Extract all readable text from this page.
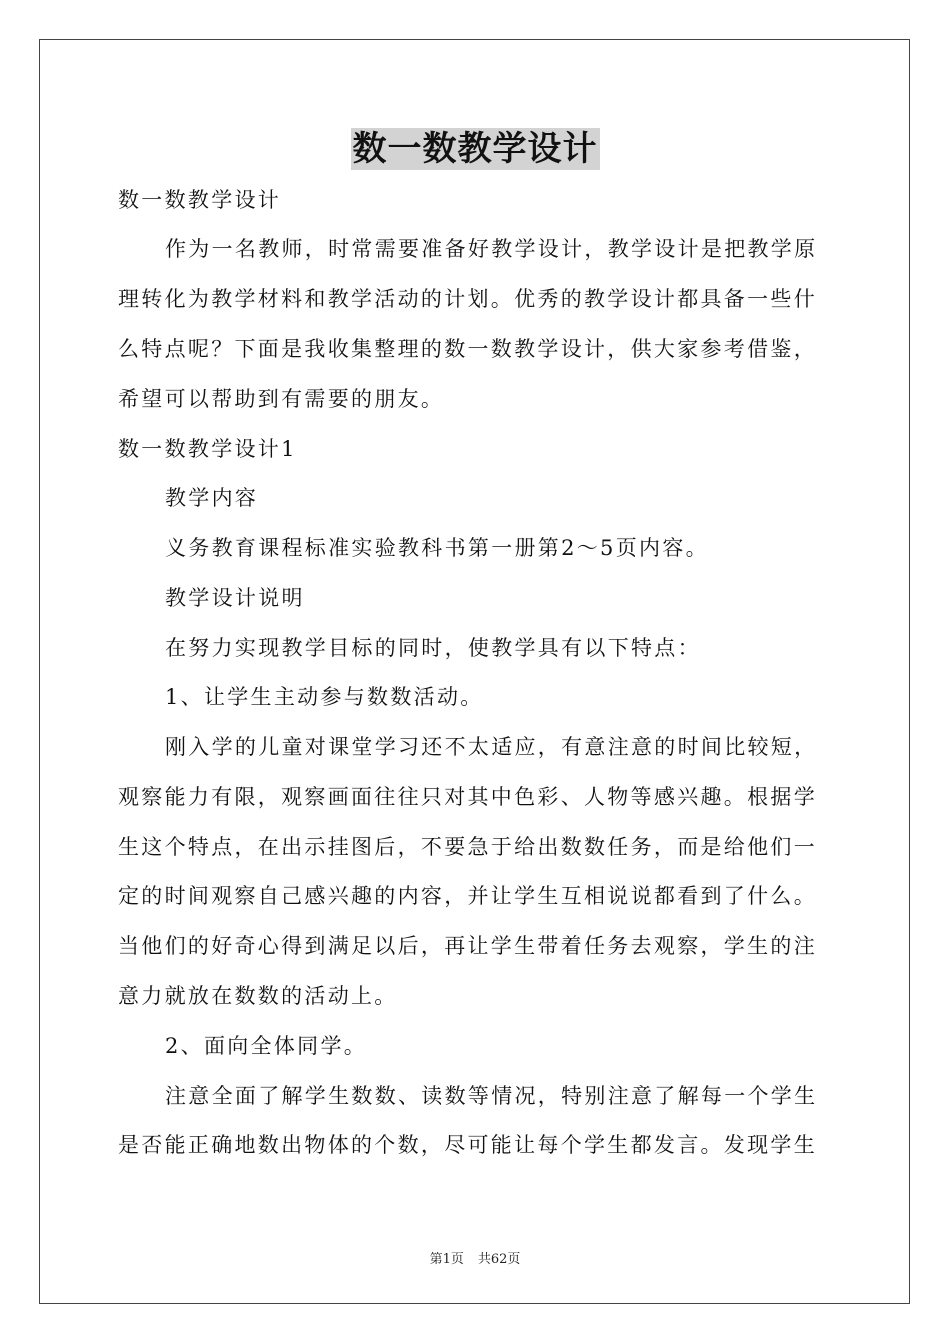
数一数教学设计
数一数教学设计
作为一名教师，时常需要准备好教学设计，教学设计是把教学原
理转化为教学材料和教学活动的计划。优秀的教学设计都具备一些什
么特点呢？下面是我收集整理的数一数教学设计，供大家参考借鉴，
希望可以帮助到有需要的朋友。
数一数教学设计1
教学内容
义务教育课程标准实验教科书第一册第2～5页内容。
教学设计说明
在努力实现教学目标的同时，使教学具有以下特点：
1、让学生主动参与数数活动。
刚入学的儿童对课堂学习还不太适应，有意注意的时间比较短，
观察能力有限，观察画面往往只对其中色彩、人物等感兴趣。根据学
生这个特点，在出示挂图后，不要急于给出数数任务，而是给他们一
定的时间观察自己感兴趣的内容，并让学生互相说说都看到了什么。
当他们的好奇心得到满足以后，再让学生带着任务去观察，学生的注
意力就放在数数的活动上。
2、面向全体同学。
注意全面了解学生数数、读数等情况，特别注意了解每一个学生
是否能正确地数出物体的个数，尽可能让每个学生都发言。发现学生
第1页 共62页
